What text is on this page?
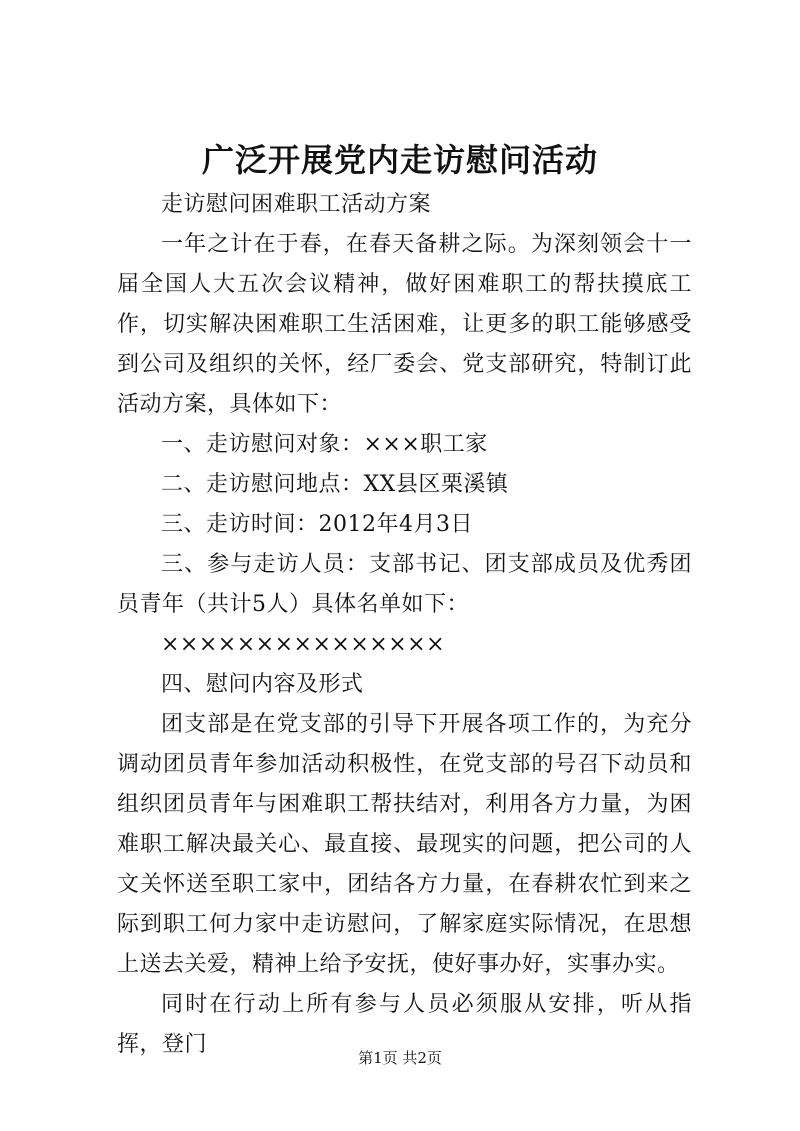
广泛开展党内走访慰问活动

走访慰问困难职工活动方案

一年之计在于春，在春天备耕之际。为深刻领会十一届全国人大五次会议精神，做好困难职工的帮扶摸底工作，切实解决困难职工生活困难，让更多的职工能够感受到公司及组织的关怀，经厂委会、党支部研究，特制订此活动方案，具体如下：

一、走访慰问对象：×××职工家

二、走访慰问地点：XX县区栗溪镇

三、走访时间：2012年4月3日

三、参与走访人员：支部书记、团支部成员及优秀团员青年（共计5人）具体名单如下：

×××××××××××××××

四、慰问内容及形式

团支部是在党支部的引导下开展各项工作的，为充分调动团员青年参加活动积极性，在党支部的号召下动员和组织团员青年与困难职工帮扶结对，利用各方力量，为困难职工解决最关心、最直接、最现实的问题，把公司的人文关怀送至职工家中，团结各方力量，在春耕农忙到来之际到职工何力家中走访慰问，了解家庭实际情况，在思想上送去关爱，精神上给予安抚，使好事办好，实事办实。

同时在行动上所有参与人员必须服从安排，听从指挥，登门

第1页 共2页
